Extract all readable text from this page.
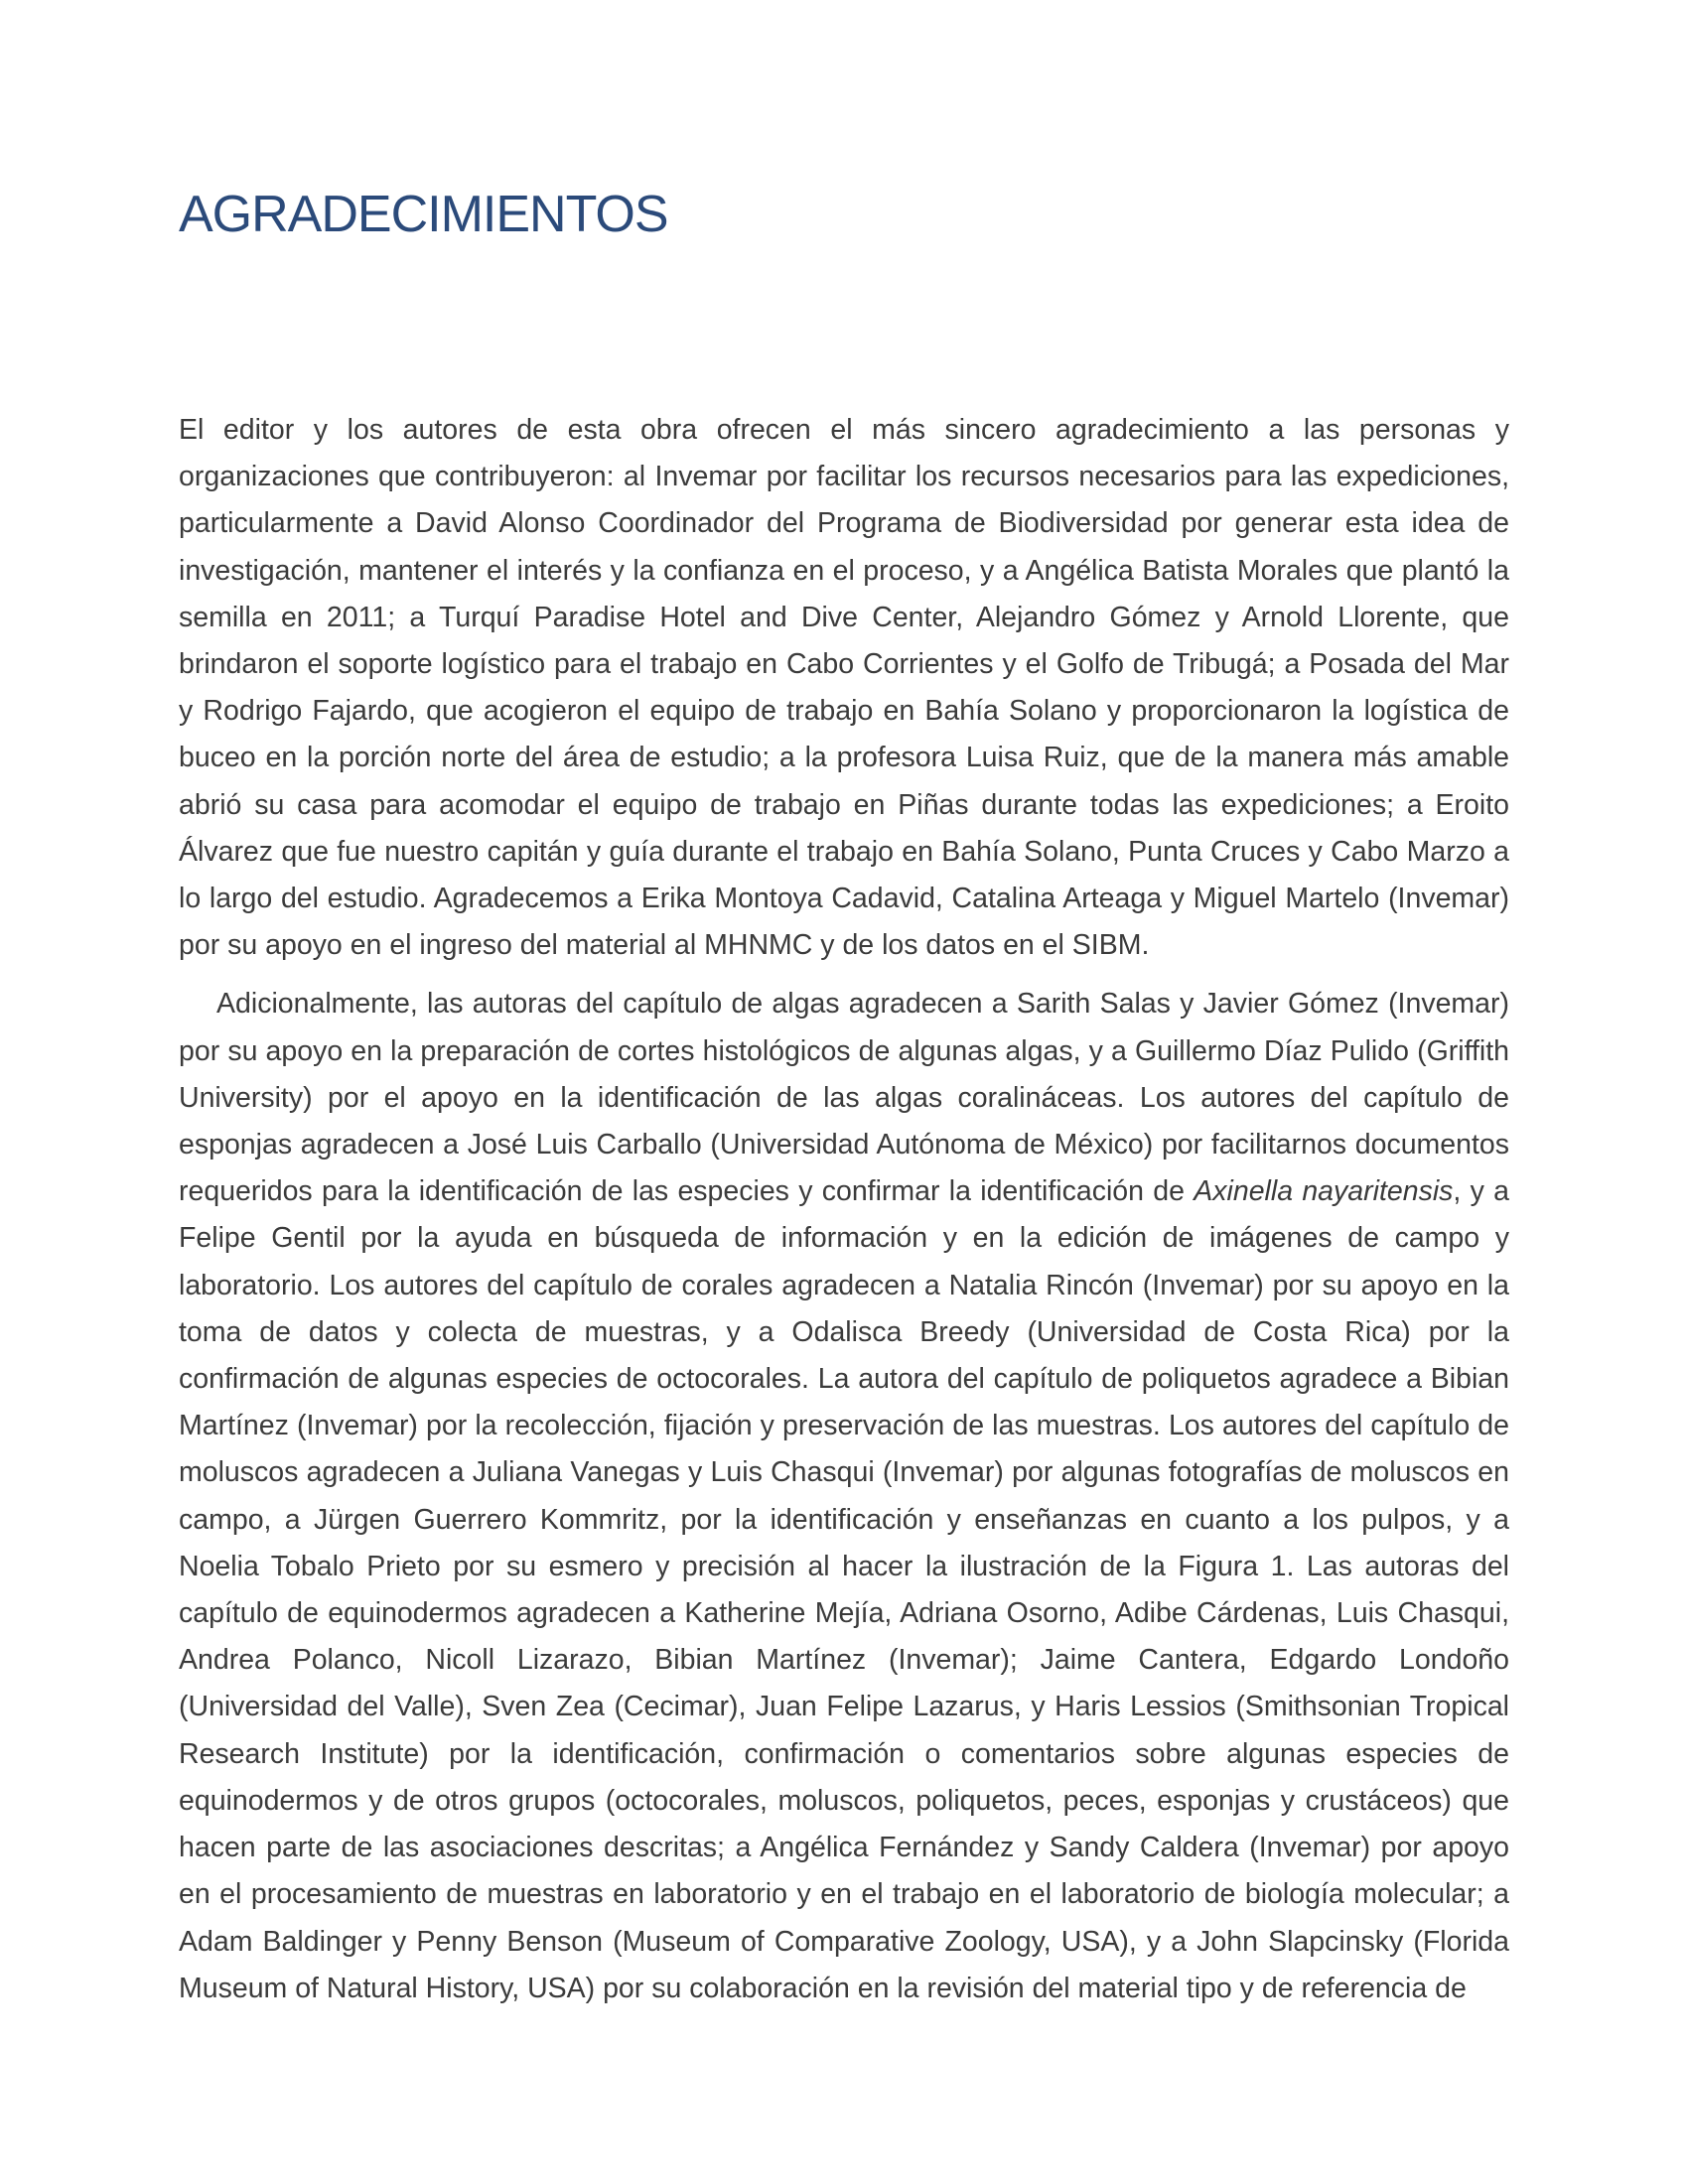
AGRADECIMIENTOS

El editor y los autores de esta obra ofrecen el más sincero agradecimiento a las personas y organizaciones que contribuyeron: al Invemar por facilitar los recursos necesarios para las expediciones, particularmente a David Alonso Coordinador del Programa de Biodiversidad por generar esta idea de investigación, mantener el interés y la confianza en el proceso, y a Angélica Batista Morales que plantó la semilla en 2011; a Turquí Paradise Hotel and Dive Center, Alejandro Gómez y Arnold Llorente, que brindaron el soporte logístico para el trabajo en Cabo Corrientes y el Golfo de Tribugá; a Posada del Mar y Rodrigo Fajardo, que acogieron el equipo de trabajo en Bahía Solano y proporcionaron la logística de buceo en la porción norte del área de estudio; a la profesora Luisa Ruiz, que de la manera más amable abrió su casa para acomodar el equipo de trabajo en Piñas durante todas las expediciones; a Eroito Álvarez que fue nuestro capitán y guía durante el trabajo en Bahía Solano, Punta Cruces y Cabo Marzo a lo largo del estudio. Agradecemos a Erika Montoya Cadavid, Catalina Arteaga y Miguel Martelo (Invemar) por su apoyo en el ingreso del material al MHNMC y de los datos en el SIBM.

Adicionalmente, las autoras del capítulo de algas agradecen a Sarith Salas y Javier Gómez (Invemar) por su apoyo en la preparación de cortes histológicos de algunas algas, y a Guillermo Díaz Pulido (Griffith University) por el apoyo en la identificación de las algas coralináceas. Los autores del capítulo de esponjas agradecen a José Luis Carballo (Universidad Autónoma de México) por facilitarnos documentos requeridos para la identificación de las especies y confirmar la identificación de Axinella nayaritensis, y a Felipe Gentil por la ayuda en búsqueda de información y en la edición de imágenes de campo y laboratorio. Los autores del capítulo de corales agradecen a Natalia Rincón (Invemar) por su apoyo en la toma de datos y colecta de muestras, y a Odalisca Breedy (Universidad de Costa Rica) por la confirmación de algunas especies de octocorales. La autora del capítulo de poliquetos agradece a Bibian Martínez (Invemar) por la recolección, fijación y preservación de las muestras. Los autores del capítulo de moluscos agradecen a Juliana Vanegas y Luis Chasqui (Invemar) por algunas fotografías de moluscos en campo, a Jürgen Guerrero Kommritz, por la identificación y enseñanzas en cuanto a los pulpos, y a Noelia Tobalo Prieto por su esmero y precisión al hacer la ilustración de la Figura 1. Las autoras del capítulo de equinodermos agradecen a Katherine Mejía, Adriana Osorno, Adibe Cárdenas, Luis Chasqui, Andrea Polanco, Nicoll Lizarazo, Bibian Martínez (Invemar); Jaime Cantera, Edgardo Londoño (Universidad del Valle), Sven Zea (Cecimar), Juan Felipe Lazarus, y Haris Lessios (Smithsonian Tropical Research Institute) por la identificación, confirmación o comentarios sobre algunas especies de equinodermos y de otros grupos (octocorales, moluscos, poliquetos, peces, esponjas y crustáceos) que hacen parte de las asociaciones descritas; a Angélica Fernández y Sandy Caldera (Invemar) por apoyo en el procesamiento de muestras en laboratorio y en el trabajo en el laboratorio de biología molecular; a Adam Baldinger y Penny Benson (Museum of Comparative Zoology, USA), y a John Slapcinsky (Florida Museum of Natural History, USA) por su colaboración en la revisión del material tipo y de referencia de
